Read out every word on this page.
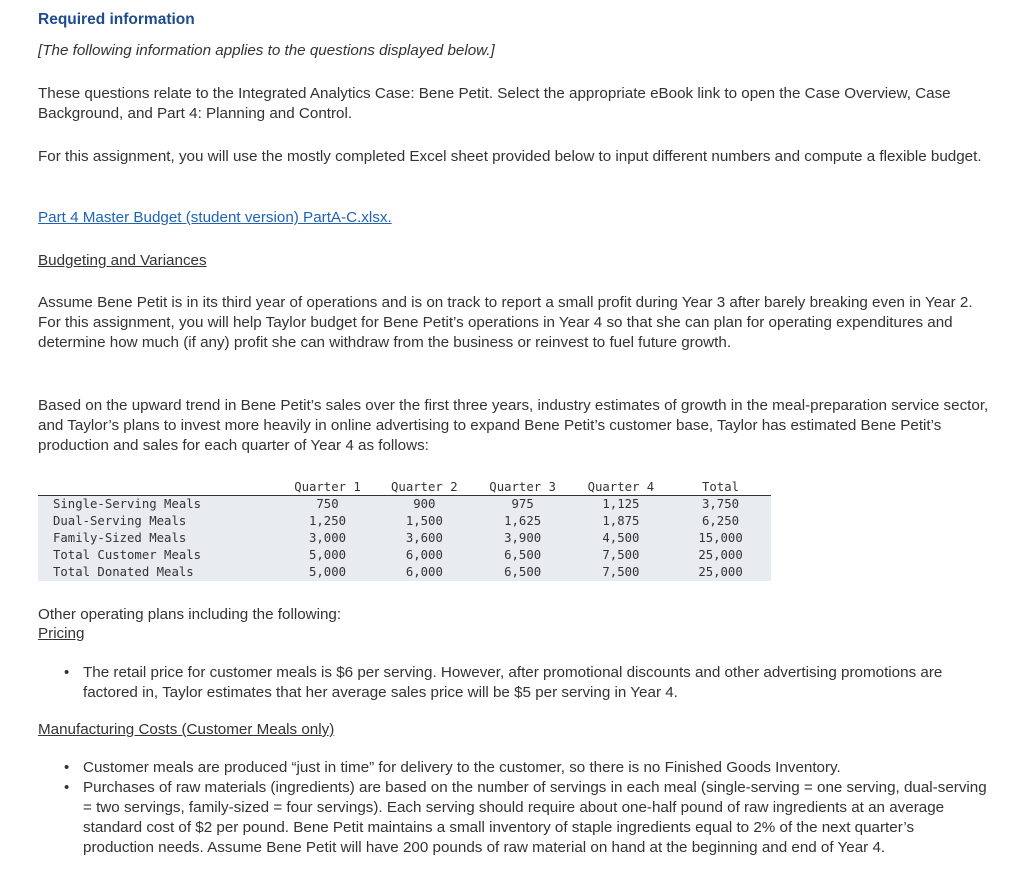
Required information

[The following information applies to the questions displayed below.]

These questions relate to the Integrated Analytics Case: Bene Petit. Select the appropriate eBook link to open the Case Overview, Case Background, and Part 4: Planning and Control.

For this assignment, you will use the mostly completed Excel sheet provided below to input different numbers and compute a flexible budget.

Part 4 Master Budget (student version) PartA-C.xlsx.
Budgeting and Variances

Assume Bene Petit is in its third year of operations and is on track to report a small profit during Year 3 after barely breaking even in Year 2. For this assignment, you will help Taylor budget for Bene Petit’s operations in Year 4 so that she can plan for operating expenditures and determine how much (if any) profit she can withdraw from the business or reinvest to fuel future growth.

Based on the upward trend in Bene Petit’s sales over the first three years, industry estimates of growth in the meal-preparation service sector, and Taylor’s plans to invest more heavily in online advertising to expand Bene Petit’s customer base, Taylor has estimated Bene Petit’s production and sales for each quarter of Year 4 as follows:

	Quarter 1	Quarter 2	Quarter 3	Quarter 4	Total
Single-Serving Meals	750	900	975	1,125	3,750
Dual-Serving Meals	1,250	1,500	1,625	1,875	6,250
Family-Sized Meals	3,000	3,600	3,900	4,500	15,000
Total Customer Meals	5,000	6,000	6,500	7,500	25,000
Total Donated Meals	5,000	6,000	6,500	7,500	25,000

Other operating plans including the following:

Pricing
• The retail price for customer meals is $6 per serving. However, after promotional discounts and other advertising promotions are factored in, Taylor estimates that her average sales price will be $5 per serving in Year 4.
Manufacturing Costs (Customer Meals only)
• Customer meals are produced “just in time” for delivery to the customer, so there is no Finished Goods Inventory.
• Purchases of raw materials (ingredients) are based on the number of servings in each meal (single-serving = one serving, dual-serving = two servings, family-sized = four servings). Each serving should require about one-half pound of raw ingredients at an average standard cost of $2 per pound. Bene Petit maintains a small inventory of staple ingredients equal to 2% of the next quarter’s production needs. Assume Bene Petit will have 200 pounds of raw material on hand at the beginning and end of Year 4.
